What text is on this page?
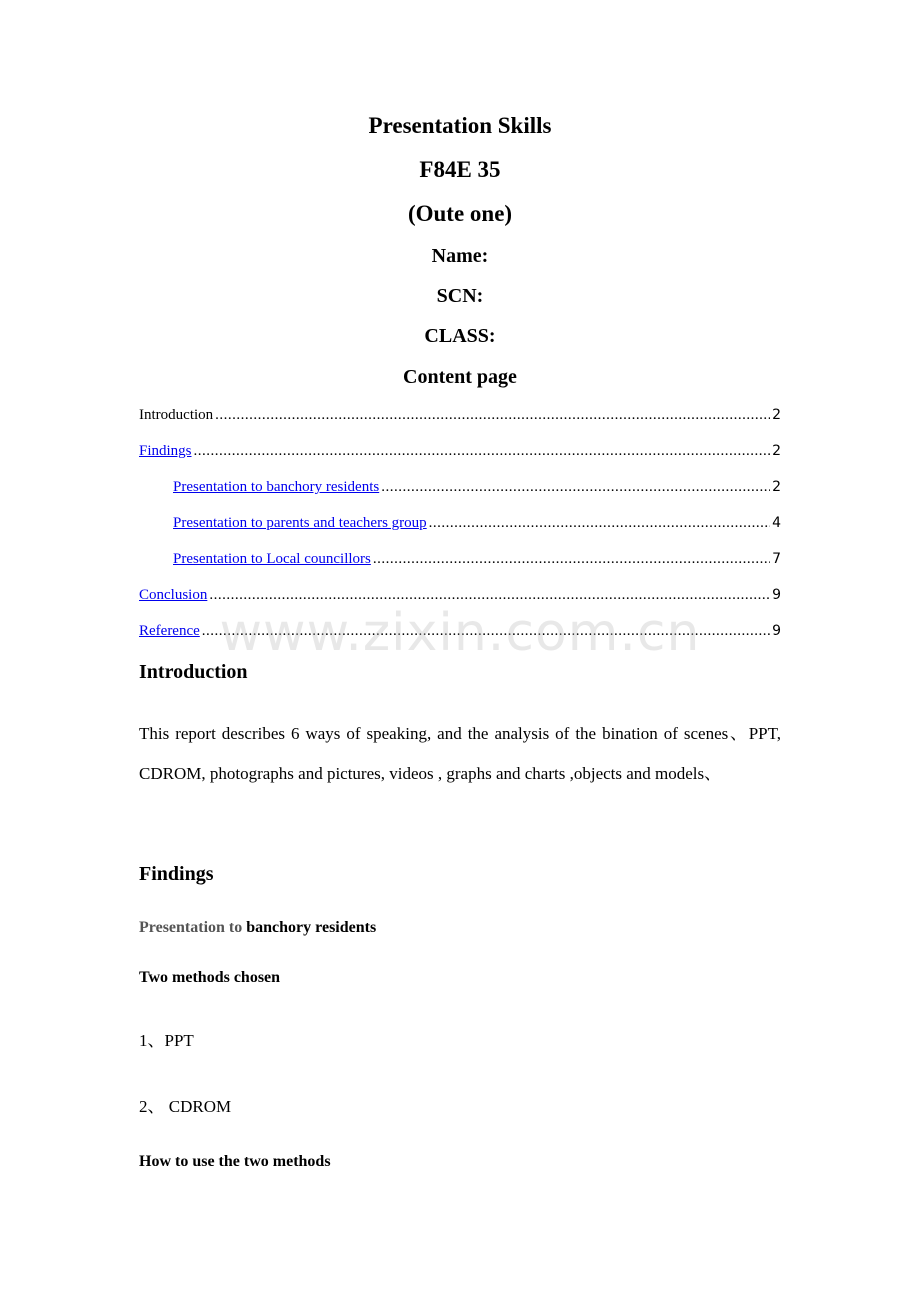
Presentation Skills
F84E 35
(Oute one)
Name:
SCN:
CLASS:
Content page
Introduction .....	2
Findings .....	2
Presentation to banchory residents .....	2
Presentation to parents and teachers group .....	4
Presentation to Local councillors .....	7
Conclusion .....	9
Reference .....	9
www.zixin.com.cn
Introduction
This report describes 6 ways of speaking, and the analysis of the bination of scenes、PPT, CDROM, photographs and pictures, videos , graphs and charts ,objects and models、
Findings
Presentation to banchory residents
Two methods chosen
1、PPT
2、 CDROM
How to use the two methods
